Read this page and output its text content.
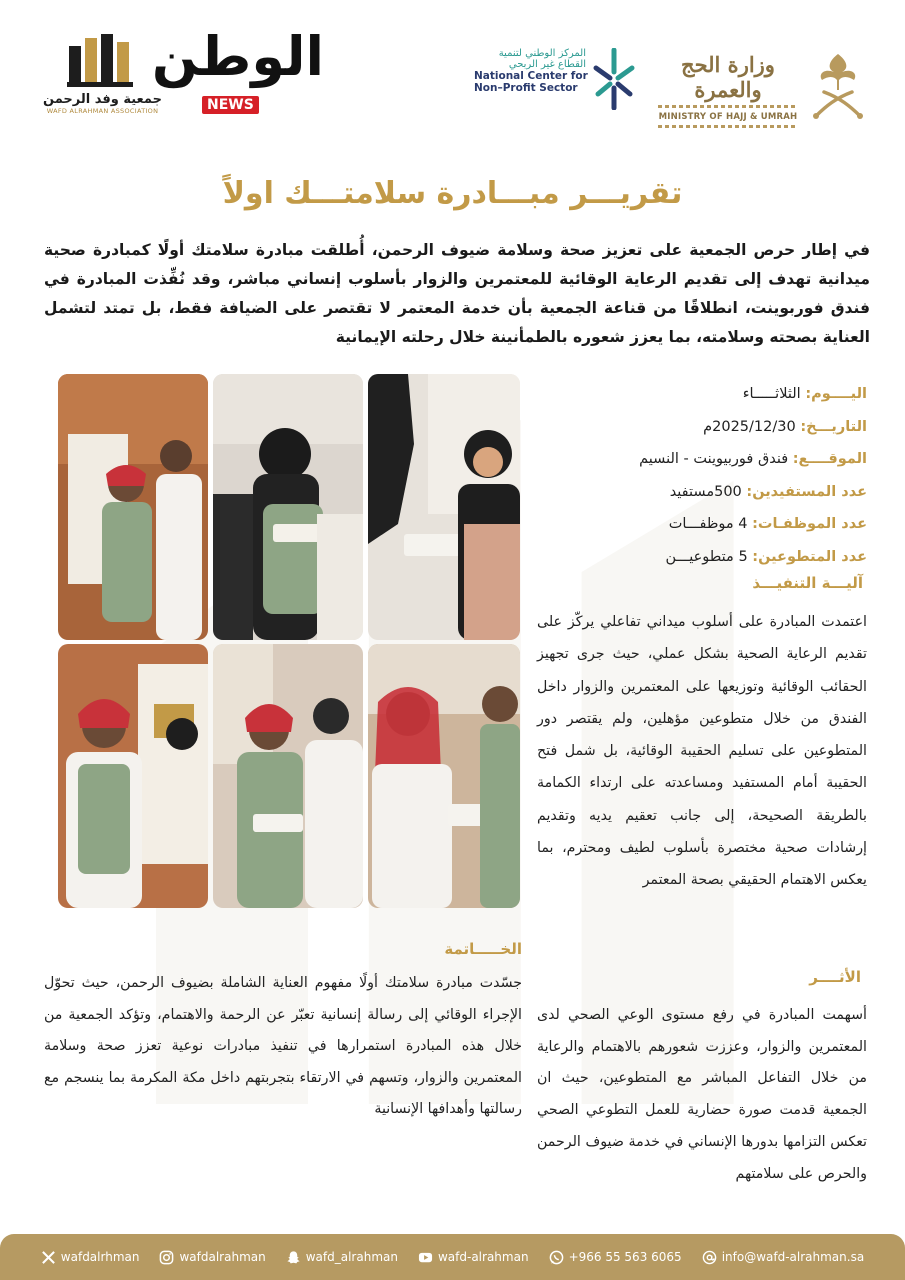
جمعية وفد الرحمن
WAFD ALRAHMAN ASSOCIATION
الوطن
NEWS
المركز الوطني لتنمية
القطاع غير الربحي
National Center for
Non–Profit Sector
وزارة الحج والعمرة
MINISTRY OF HAJJ & UMRAH
تقريـــر مبـــادرة سلامتـــك اولاً
في إطار حرص الجمعية على تعزيز صحة وسلامة ضيوف الرحمن، أُطلقت مبادرة سلامتك أولًا كمبادرة صحية ميدانية تهدف إلى تقديم الرعاية الوقائية للمعتمرين والزوار بأسلوب إنساني مباشر، وقد نُفِّذت المبادرة في فندق فوربوينت، انطلاقًا من قناعة الجمعية بأن خدمة المعتمر لا تقتصر على الضيافة فقط، بل تمتد لتشمل العناية بصحته وسلامته، بما يعزز شعوره بالطمأنينة خلال رحلته الإيمانية
اليــــوم: الثلاثـــــاء
التاريـــخ: 2025/12/30م
الموقــــع: فندق فوربيوينت - النسيم
عدد المستفيدين: 500مستفيد
عدد الموظفـات: 4 موظفـــات
عدد المتطوعين: 5 متطوعيـــن
آليـــة التنفيـــذ
اعتمدت المبادرة على أسلوب ميداني تفاعلي يركّز على تقديم الرعاية الصحية بشكل عملي، حيث جرى تجهيز الحقائب الوقائية وتوزيعها على المعتمرين والزوار داخل الفندق من خلال متطوعين مؤهلين، ولم يقتصر دور المتطوعين على تسليم الحقيبة الوقائية، بل شمل فتح الحقيبة أمام المستفيد ومساعدته على ارتداء الكمامة بالطريقة الصحيحة، إلى جانب تعقيم يديه وتقديم إرشادات صحية مختصرة بأسلوب لطيف ومحترم، بما يعكس الاهتمام الحقيقي بصحة المعتمر
الخـــــاتمة
جسّدت مبادرة سلامتك أولًا مفهوم العناية الشاملة بضيوف الرحمن، حيث تحوّل الإجراء الوقائي إلى رسالة إنسانية تعبّر عن الرحمة والاهتمام، وتؤكد الجمعية من خلال هذه المبادرة استمرارها في تنفيذ مبادرات نوعية تعزز صحة وسلامة المعتمرين والزوار، وتسهم في الارتقاء بتجربتهم داخل مكة المكرمة بما ينسجم مع رسالتها وأهدافها الإنسانية
الأثــــر
أسهمت المبادرة في رفع مستوى الوعي الصحي لدى المعتمرين والزوار، وعززت شعورهم بالاهتمام والرعاية من خلال التفاعل المباشر مع المتطوعين، حيث ان الجمعية قدمت صورة حضارية للعمل التطوعي الصحي تعكس التزامها بدورها الإنساني في خدمة ضيوف الرحمن والحرص على سلامتهم
wafdalrhman	wafdalrahman	wafd_alrahman	wafd-alrahman	+966 55 563 6065	info@wafd-alrahman.sa
